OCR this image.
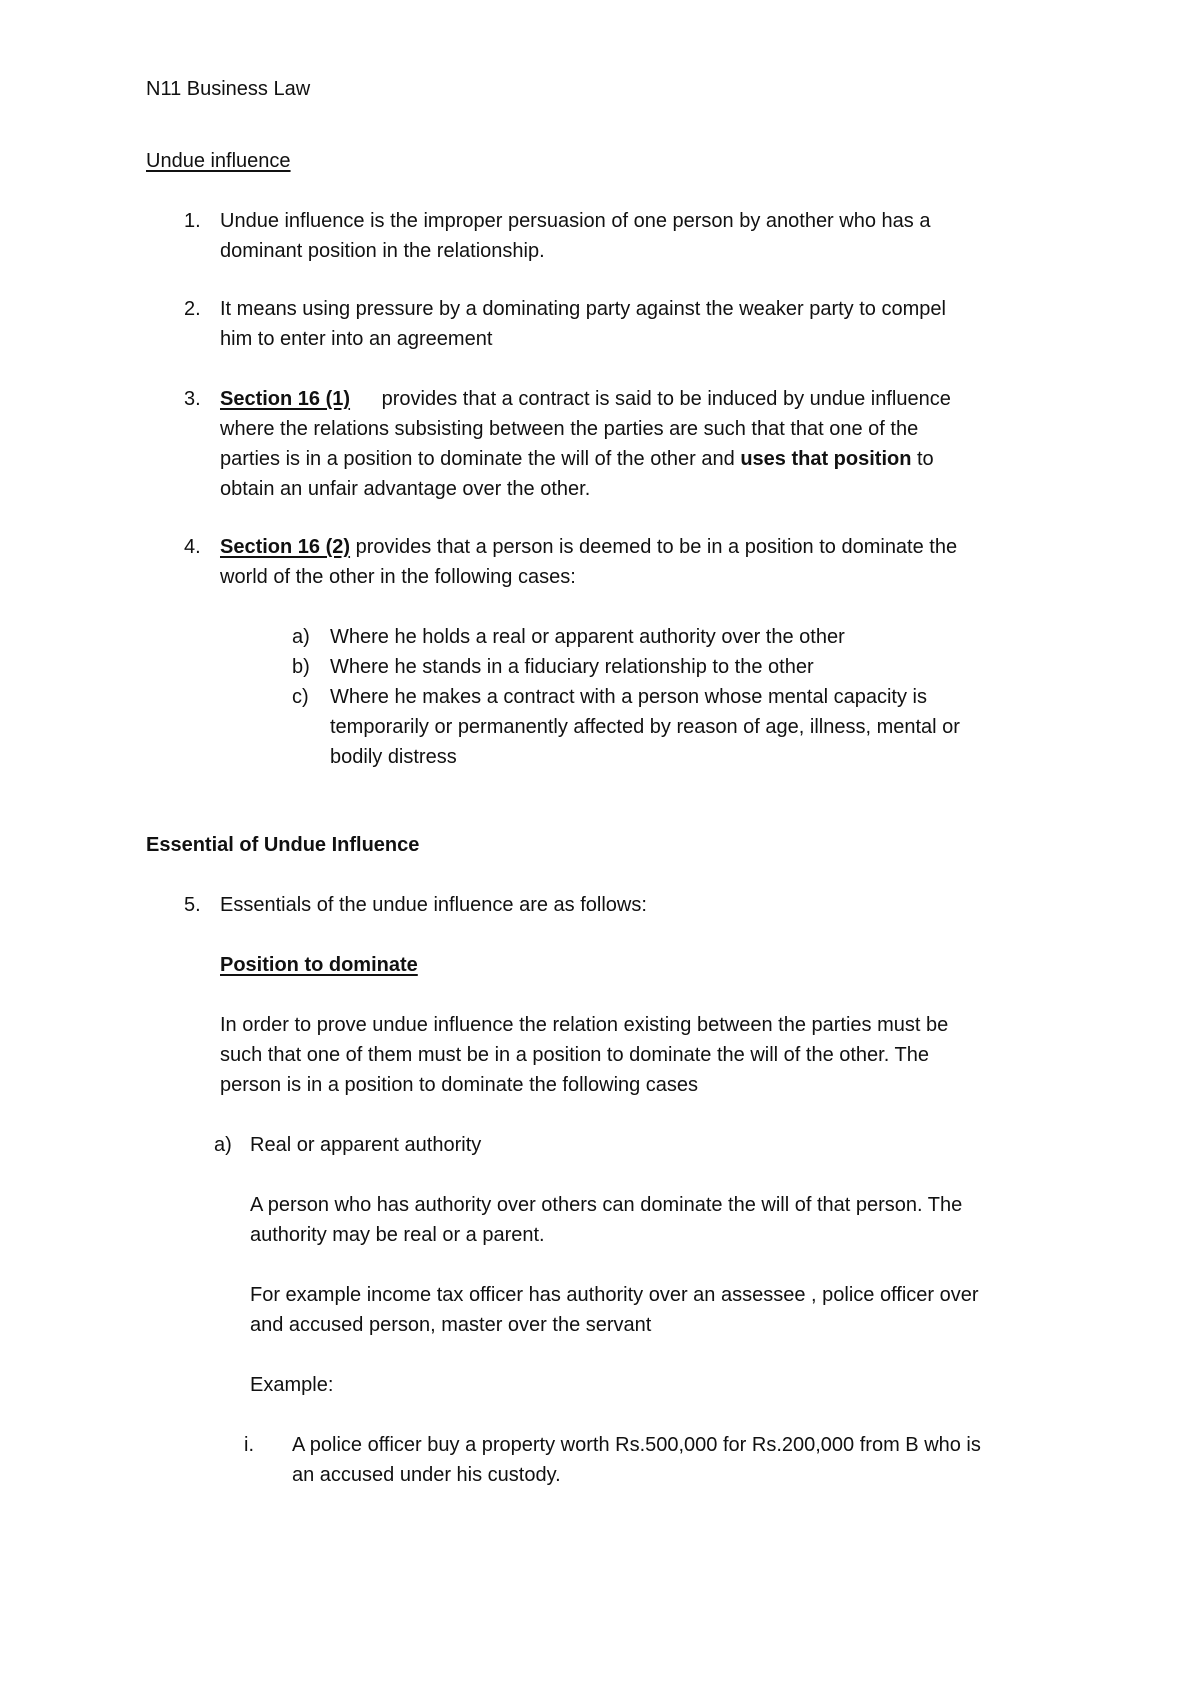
N11 Business Law
Undue influence
1. Undue influence is the improper persuasion of one person by another who has a
dominant position in the relationship.
2. It means using pressure by a dominating party against the weaker party to compel
him to enter into an agreement
3. Section 16 (1) provides that a contract is said to be induced by undue influence
where the relations subsisting between the parties are such that that one of the
parties is in a position to dominate the will of the other and uses that position to
obtain an unfair advantage over the other.
4. Section 16 (2) provides that a person is deemed to be in a position to dominate the
world of the other in the following cases:
a) Where he holds a real or apparent authority over the other
b) Where he stands in a fiduciary relationship to the other
c) Where he makes a contract with a person whose mental capacity is
temporarily or permanently affected by reason of age, illness, mental or
bodily distress
Essential of Undue Influence
5. Essentials of the undue influence are as follows:
Position to dominate
In order to prove undue influence the relation existing between the parties must be
such that one of them must be in a position to dominate the will of the other. The
person is in a position to dominate the following cases
a) Real or apparent authority
A person who has authority over others can dominate the will of that person. The
authority may be real or a parent.
For example income tax officer has authority over an assessee , police officer over
and accused person, master over the servant
Example:
i. A police officer buy a property worth Rs.500,000 for Rs.200,000 from B who is
an accused under his custody.
